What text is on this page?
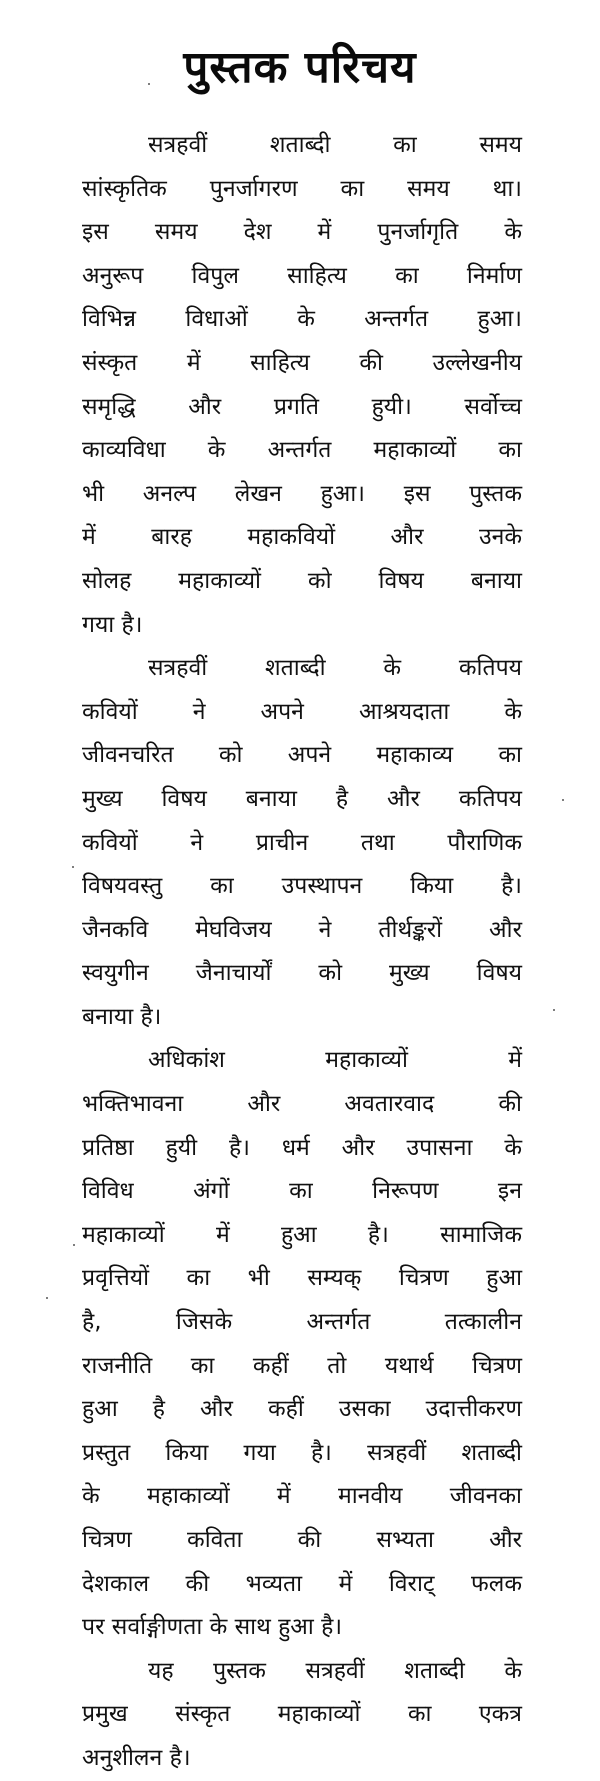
पुस्तक परिचय
सत्रहवीं शताब्दी का समय
सांस्कृतिक पुनर्जागरण का समय था।
इस समय देश में पुनर्जागृति के
अनुरूप विपुल साहित्य का निर्माण
विभिन्न विधाओं के अन्तर्गत हुआ।
संस्कृत में साहित्य की उल्लेखनीय
समृद्धि और प्रगति हुयी। सर्वोच्च
काव्यविधा के अन्तर्गत महाकाव्यों का
भी अनल्प लेखन हुआ। इस पुस्तक
में बारह महाकवियों और उनके
सोलह महाकाव्यों को विषय बनाया
गया है।
सत्रहवीं शताब्दी के कतिपय
कवियों ने अपने आश्रयदाता के
जीवनचरित को अपने महाकाव्य का
मुख्य विषय बनाया है और कतिपय
कवियों ने प्राचीन तथा पौराणिक
विषयवस्तु का उपस्थापन किया है।
जैनकवि मेघविजय ने तीर्थङ्करों और
स्वयुगीन जैनाचार्यों को मुख्य विषय
बनाया है।
अधिकांश महाकाव्यों में
भक्तिभावना और अवतारवाद की
प्रतिष्ठा हुयी है। धर्म और उपासना के
विविध अंगों का निरूपण इन
महाकाव्यों में हुआ है। सामाजिक
प्रवृत्तियों का भी सम्यक् चित्रण हुआ
है, जिसके अन्तर्गत तत्कालीन
राजनीति का कहीं तो यथार्थ चित्रण
हुआ है और कहीं उसका उदात्तीकरण
प्रस्तुत किया गया है। सत्रहवीं शताब्दी
के महाकाव्यों में मानवीय जीवनका
चित्रण कविता की सभ्यता और
देशकाल की भव्यता में विराट् फलक
पर सर्वाङ्गीणता के साथ हुआ है।
यह पुस्तक सत्रहवीं शताब्दी के
प्रमुख संस्कृत महाकाव्यों का एकत्र
अनुशीलन है।
